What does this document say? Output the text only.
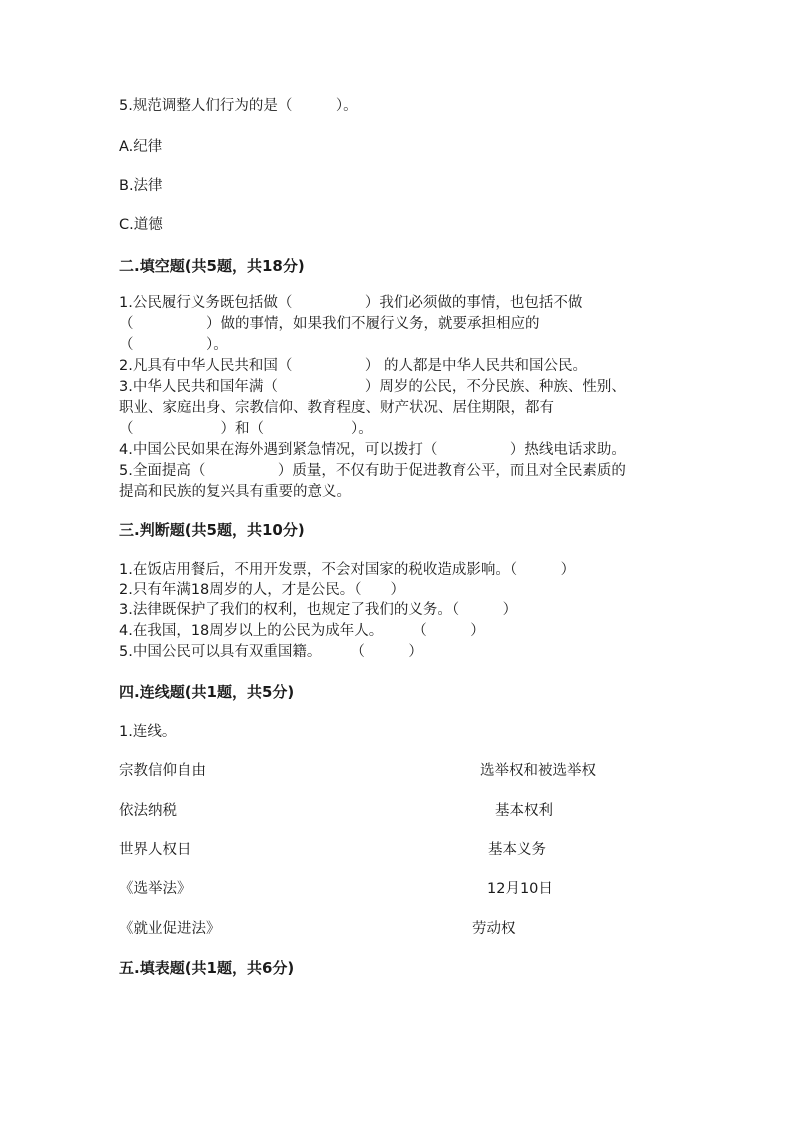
5.规范调整人们行为的是（　　　）。
A.纪律
B.法律
C.道德
二.填空题(共5题，共18分)
1.公民履行义务既包括做（　　　　　）我们必须做的事情，也包括不做
（　　　　　）做的事情，如果我们不履行义务，就要承担相应的
（　　　　　）。
2.凡具有中华人民共和国（　　　　　） 的人都是中华人民共和国公民。
3.中华人民共和国年满（　　　　　　）周岁的公民，不分民族、种族、性别、
职业、家庭出身、宗教信仰、教育程度、财产状况、居住期限，都有
（　　　　　　）和（　　　　　　）。
4.中国公民如果在海外遇到紧急情况，可以拨打（　　　　　）热线电话求助。
5.全面提高（　　　　　）质量，不仅有助于促进教育公平，而且对全民素质的
提高和民族的复兴具有重要的意义。
三.判断题(共5题，共10分)
1.在饭店用餐后，不用开发票，不会对国家的税收造成影响。（　　　）
2.只有年满18周岁的人，才是公民。（　　）
3.法律既保护了我们的权利，也规定了我们的义务。（　　　）
4.在我国，18周岁以上的公民为成年人。　　　（　　　）
5.中国公民可以具有双重国籍。　　　（　　　）
四.连线题(共1题，共5分)
1.连线。
宗教信仰自由	选举权和被选举权
依法纳税	基本权利
世界人权日	基本义务
《选举法》	12月10日
《就业促进法》	劳动权
五.填表题(共1题，共6分)
